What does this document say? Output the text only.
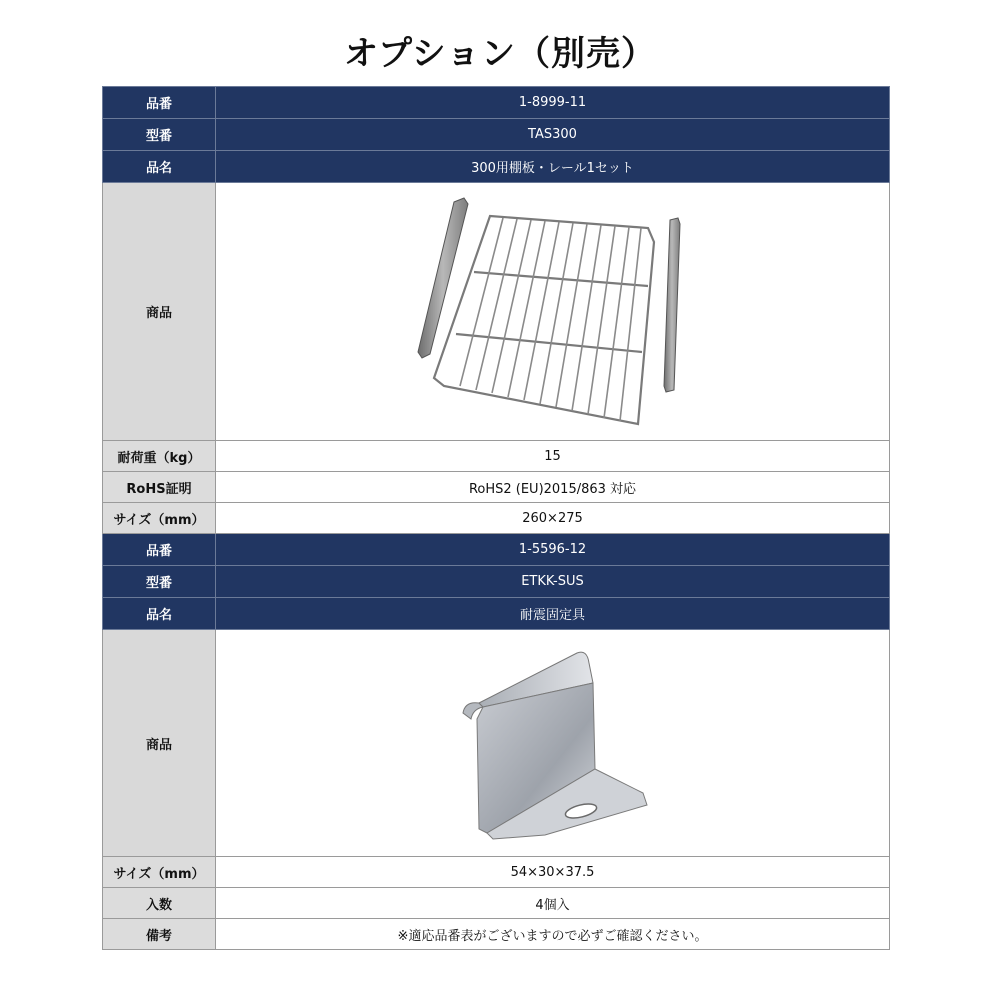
オプション（別売）
品番	1-8999-11
型番	TAS300
品名	300用棚板・レール1セット
商品	

耐荷重（kg）	15
RoHS証明	RoHS2 (EU)2015/863 対応
サイズ（mm）	260×275
品番	1-5596-12
型番	ETKK-SUS
品名	耐震固定具
商品	

サイズ（mm）	54×30×37.5
入数	4個入
備考	※適応品番表がございますので必ずご確認ください。
